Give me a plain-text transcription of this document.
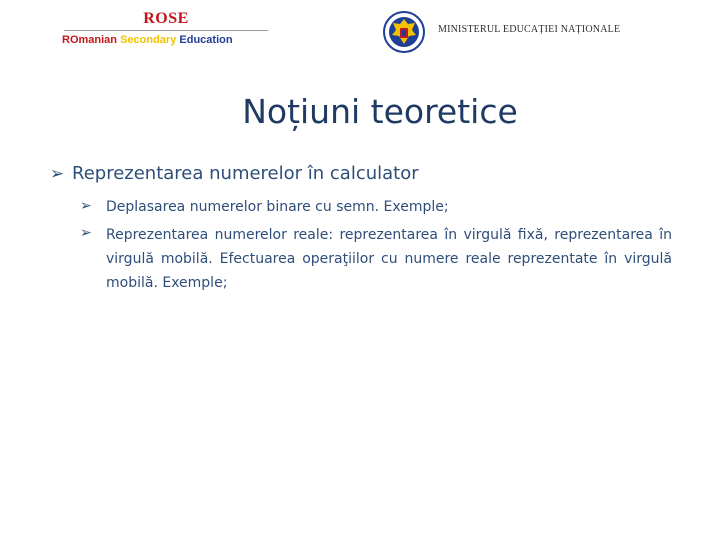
ROSE
ROmanian Secondary Education
MINISTERUL EDUCAȚIEI NAȚIONALE
Noțiuni teoretice
➢ Reprezentarea numerelor în calculator
➢	Deplasarea numerelor binare cu semn. Exemple;
➢	Reprezentarea numerelor reale: reprezentarea în virgulă fixă, reprezentarea în virgulă mobilă. Efectuarea operaţiilor cu numere reale reprezentate în virgulă mobilă. Exemple;
